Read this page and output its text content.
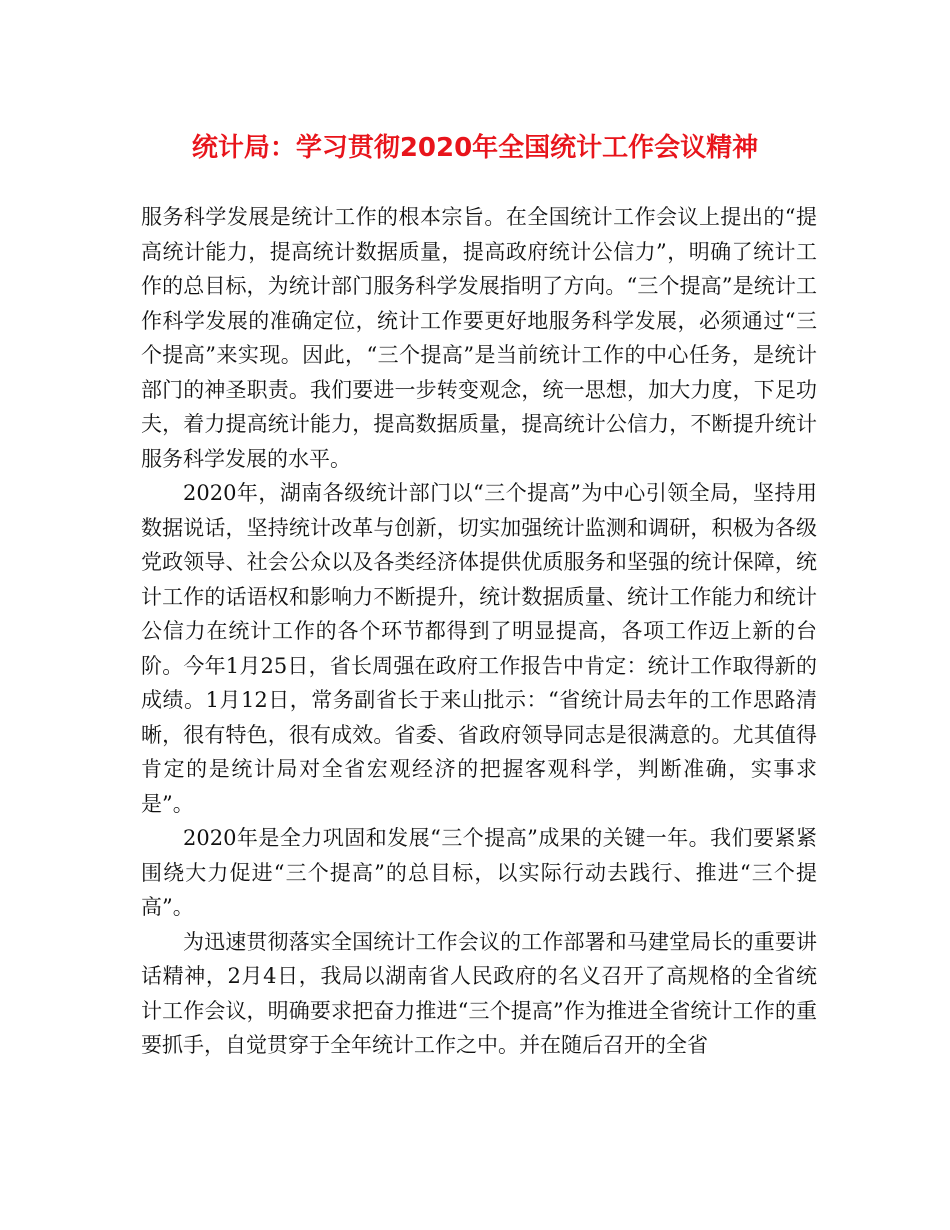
统计局：学习贯彻2020年全国统计工作会议精神

服务科学发展是统计工作的根本宗旨。在全国统计工作会议上提出的“提高统计能力，提高统计数据质量，提高政府统计公信力”，明确了统计工作的总目标，为统计部门服务科学发展指明了方向。“三个提高”是统计工作科学发展的准确定位，统计工作要更好地服务科学发展，必须通过“三个提高”来实现。因此，“三个提高”是当前统计工作的中心任务，是统计部门的神圣职责。我们要进一步转变观念，统一思想，加大力度，下足功夫，着力提高统计能力，提高数据质量，提高统计公信力，不断提升统计服务科学发展的水平。

2020年，湖南各级统计部门以“三个提高”为中心引领全局，坚持用数据说话，坚持统计改革与创新，切实加强统计监测和调研，积极为各级党政领导、社会公众以及各类经济体提供优质服务和坚强的统计保障，统计工作的话语权和影响力不断提升，统计数据质量、统计工作能力和统计公信力在统计工作的各个环节都得到了明显提高，各项工作迈上新的台阶。今年1月25日，省长周强在政府工作报告中肯定：统计工作取得新的成绩。1月12日，常务副省长于来山批示：“省统计局去年的工作思路清晰，很有特色，很有成效。省委、省政府领导同志是很满意的。尤其值得肯定的是统计局对全省宏观经济的把握客观科学，判断准确，实事求是”。

2020年是全力巩固和发展“三个提高”成果的关键一年。我们要紧紧围绕大力促进“三个提高”的总目标，以实际行动去践行、推进“三个提高”。

为迅速贯彻落实全国统计工作会议的工作部署和马建堂局长的重要讲话精神，2月4日，我局以湖南省人民政府的名义召开了高规格的全省统计工作会议，明确要求把奋力推进“三个提高”作为推进全省统计工作的重要抓手，自觉贯穿于全年统计工作之中。并在随后召开的全省
